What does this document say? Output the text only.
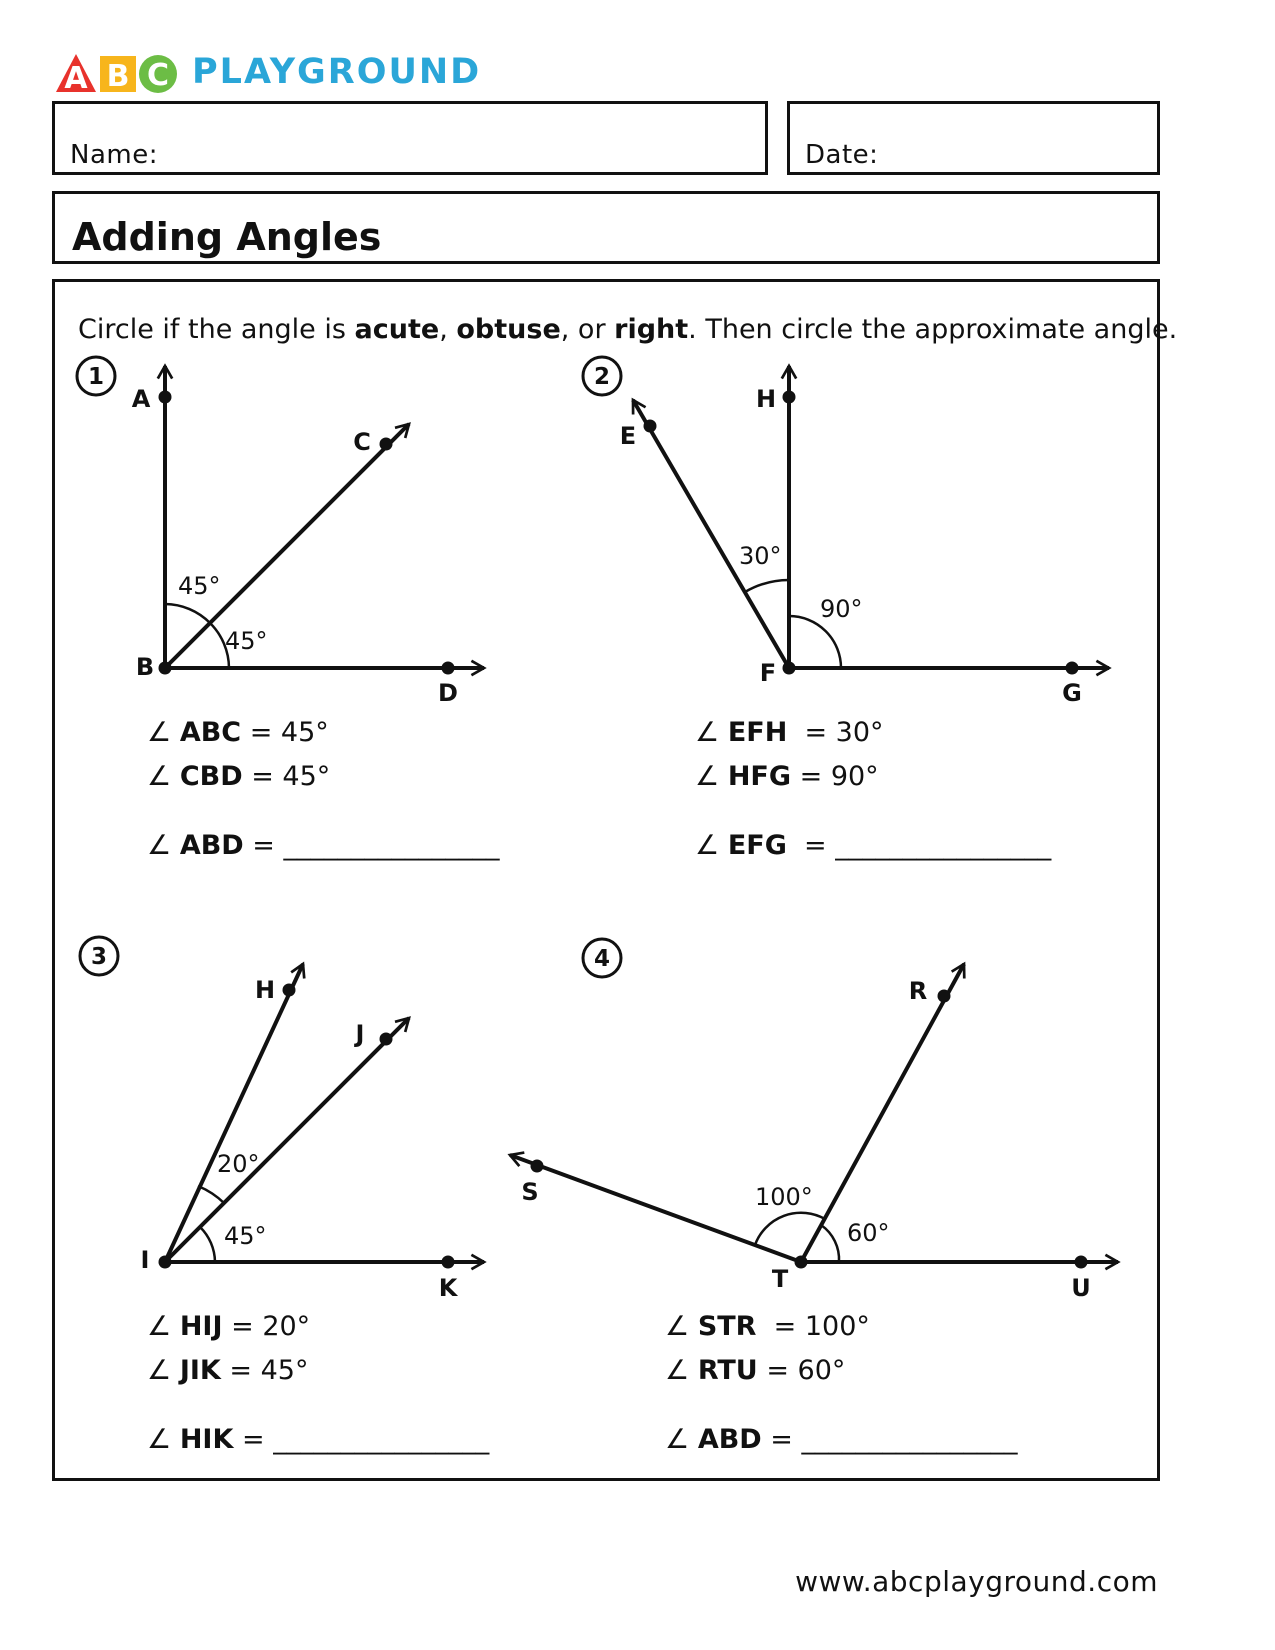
A B C PLAYGROUND
Name:	Date:
Adding Angles
Circle if the angle is acute, obtuse, or right. Then circle the approximate angle.
1	2
3	4
A
B
C
D
E
F
G
H
H
I
J
K
R
S
T	U
45°
45°
30°
90°
20°
45°
100°
60°
∠ ABC = 45°
∠ CBD = 45°
∠ ABD = ________________
∠ EFH  = 30°
∠ HFG = 90°
∠ EFG  = ________________
∠ HIJ = 20°
∠ JIK = 45°
∠ HIK = ________________
∠ STR  = 100°
∠ RTU = 60°
∠ ABD = ________________
www.abcplayground.com
